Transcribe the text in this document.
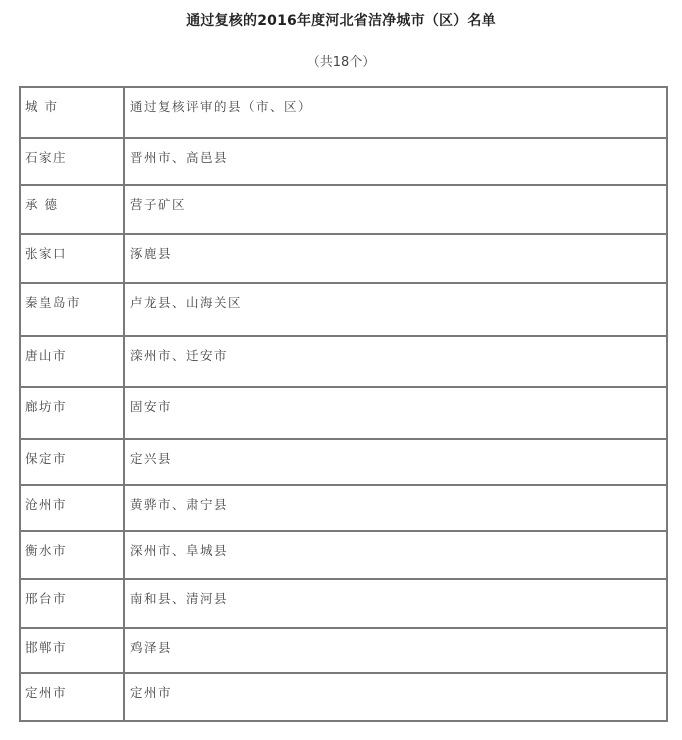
通过复核的2016年度河北省洁净城市（区）名单
（共18个）
城 市	通过复核评审的县（市、区）
石家庄	晋州市、高邑县
承 德	营子矿区
张家口	涿鹿县
秦皇岛市	卢龙县、山海关区
唐山市	滦州市、迁安市
廊坊市	固安市
保定市	定兴县
沧州市	黄骅市、肃宁县
衡水市	深州市、阜城县
邢台市	南和县、清河县
邯郸市	鸡泽县
定州市	定州市
